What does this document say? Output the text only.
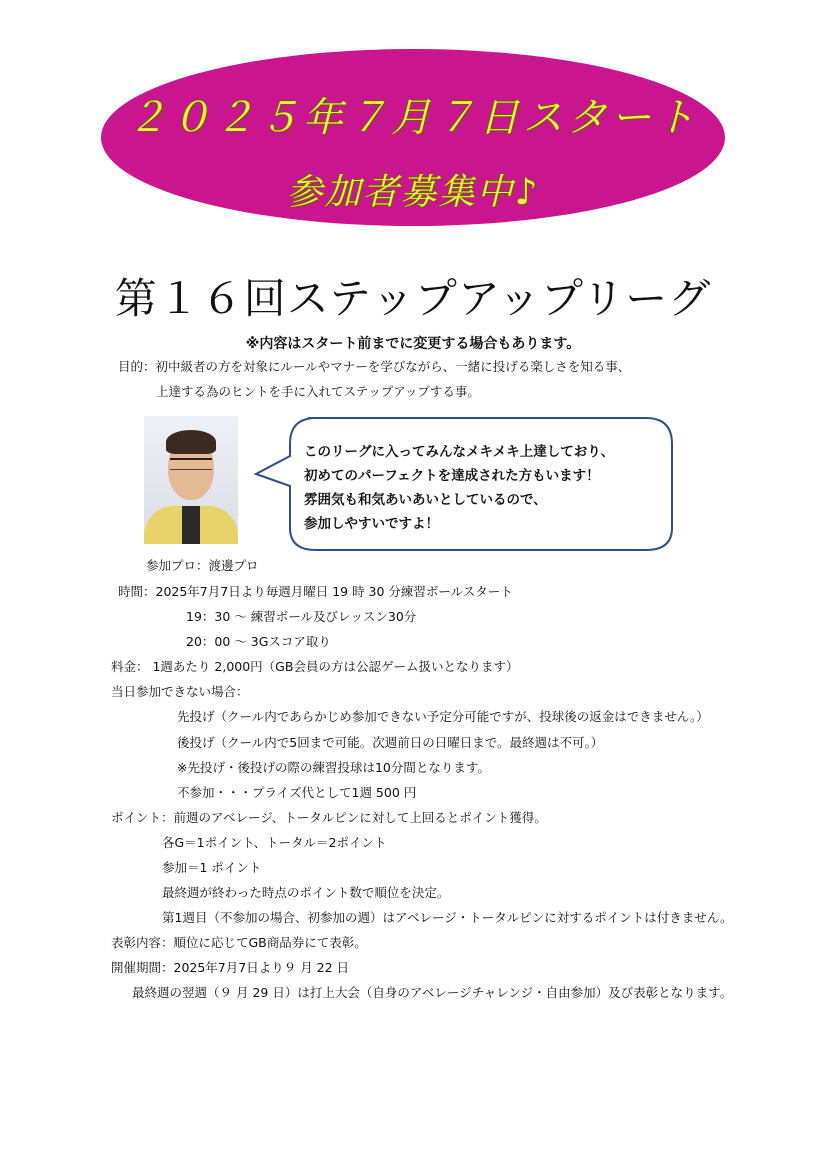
２０２５年７月７日スタート
参加者募集中♪
第１６回ステップアップリーグ
※内容はスタート前までに変更する場合もあります。
目的：初中級者の方を対象にルールやマナーを学びながら、一緒に投げる楽しさを知る事、
上達する為のヒントを手に入れてステップアップする事。
このリーグに入ってみんなメキメキ上達しており、
初めてのパーフェクトを達成された方もいます！
雰囲気も和気あいあいとしているので、
参加しやすいですよ！
参加プロ：渡邊プロ
時間：2025年7月7日より毎週月曜日 19 時 30 分練習ボールスタート
19：30 ～ 練習ボール及びレッスン30分
20：00 ～ 3Gスコア取り
料金： 1週あたり 2,000円（GB会員の方は公認ゲーム扱いとなります）
当日参加できない場合：
先投げ（クール内であらかじめ参加できない予定分可能ですが、投球後の返金はできません。）
後投げ（クール内で5回まで可能。次週前日の日曜日まで。最終週は不可。）
※先投げ・後投げの際の練習投球は10分間となります。
不参加・・・プライズ代として1週 500 円
ポイント：前週のアベレージ、トータルピンに対して上回るとポイント獲得。
各G＝1ポイント、トータル＝2ポイント
参加＝1 ポイント
最終週が終わった時点のポイント数で順位を決定。
第1週目（不参加の場合、初参加の週）はアベレージ・トータルピンに対するポイントは付きません。
表彰内容：順位に応じてGB商品券にて表彰。
開催期間：2025年7月7日より９ 月 22 日
最終週の翌週（９ 月 29 日）は打上大会（自身のアベレージチャレンジ・自由参加）及び表彰となります。
